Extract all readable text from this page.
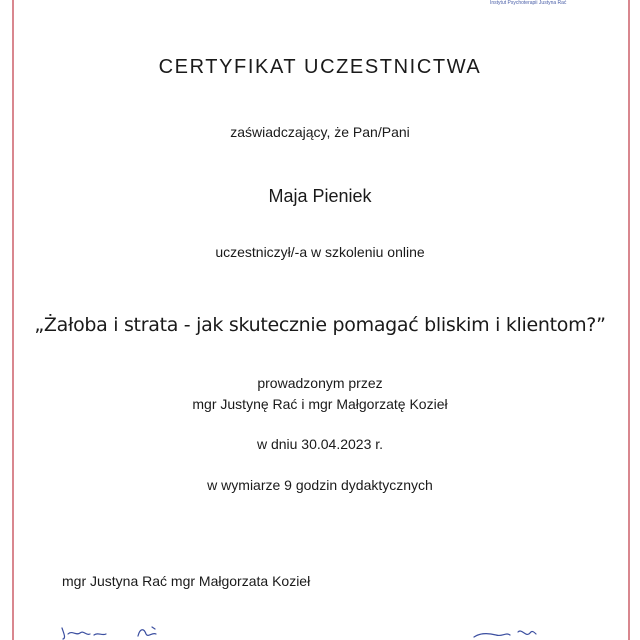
Instytut Psychoterapii Justyna Rać
CERTYFIKAT UCZESTNICTWA
zaświadczający, że Pan/Pani
Maja Pieniek
uczestniczył/-a w szkoleniu online
„Żałoba i strata - jak skutecznie pomagać bliskim i klientom?”
prowadzonym przez
mgr Justynę Rać i mgr Małgorzatę Kozieł
w dniu 30.04.2023 r.
w wymiarze 9 godzin dydaktycznych
mgr Justyna Rać mgr Małgorzata Kozieł
